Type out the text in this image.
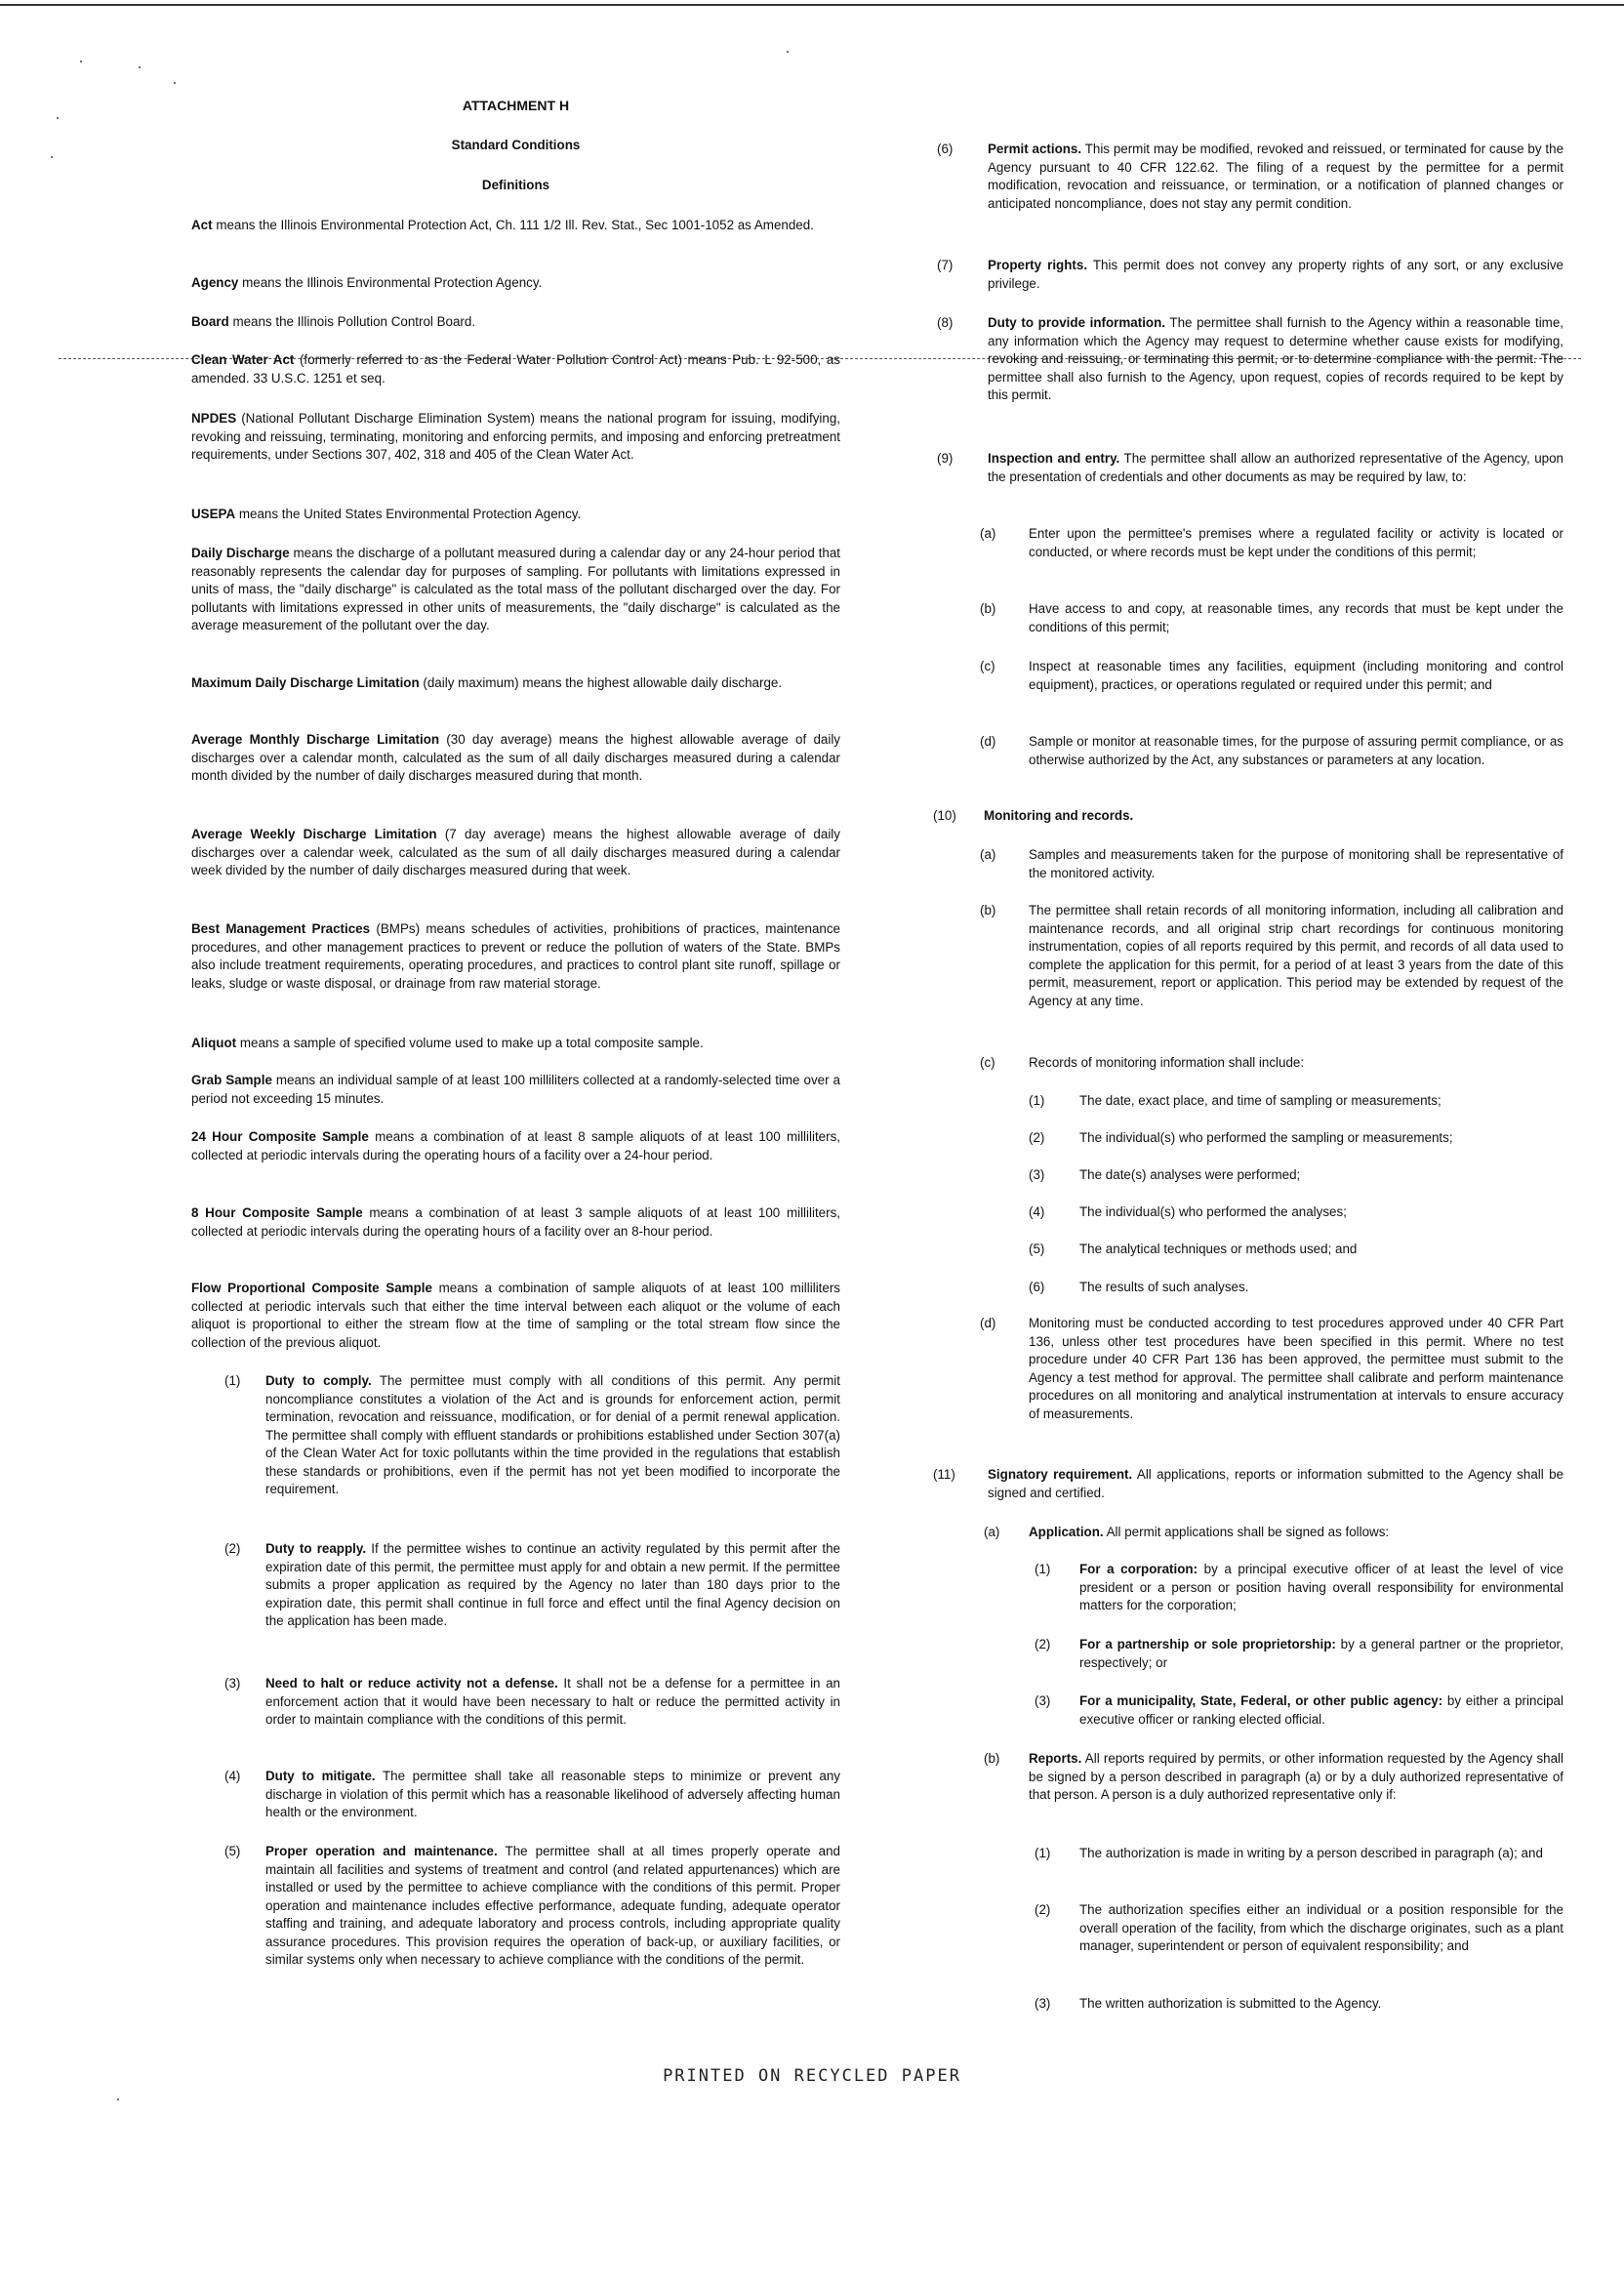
ATTACHMENT H

Standard Conditions

Definitions

Act means the Illinois Environmental Protection Act, Ch. 111 1/2 Ill. Rev. Stat., Sec 1001-1052 as Amended.

Agency means the Illinois Environmental Protection Agency.

Board means the Illinois Pollution Control Board.

Clean Water Act (formerly referred to as the Federal Water Pollution Control Act) means Pub. L 92-500, as amended. 33 U.S.C. 1251 et seq.

NPDES (National Pollutant Discharge Elimination System) means the national program for issuing, modifying, revoking and reissuing, terminating, monitoring and enforcing permits, and imposing and enforcing pretreatment requirements, under Sections 307, 402, 318 and 405 of the Clean Water Act.

USEPA means the United States Environmental Protection Agency.

Daily Discharge means the discharge of a pollutant measured during a calendar day or any 24-hour period that reasonably represents the calendar day for purposes of sampling. For pollutants with limitations expressed in units of mass, the "daily discharge" is calculated as the total mass of the pollutant discharged over the day. For pollutants with limitations expressed in other units of measurements, the "daily discharge" is calculated as the average measurement of the pollutant over the day.

Maximum Daily Discharge Limitation (daily maximum) means the highest allowable daily discharge.

Average Monthly Discharge Limitation (30 day average) means the highest allowable average of daily discharges over a calendar month, calculated as the sum of all daily discharges measured during a calendar month divided by the number of daily discharges measured during that month.

Average Weekly Discharge Limitation (7 day average) means the highest allowable average of daily discharges over a calendar week, calculated as the sum of all daily discharges measured during a calendar week divided by the number of daily discharges measured during that week.

Best Management Practices (BMPs) means schedules of activities, prohibitions of practices, maintenance procedures, and other management practices to prevent or reduce the pollution of waters of the State. BMPs also include treatment requirements, operating procedures, and practices to control plant site runoff, spillage or leaks, sludge or waste disposal, or drainage from raw material storage.

Aliquot means a sample of specified volume used to make up a total composite sample.

Grab Sample means an individual sample of at least 100 milliliters collected at a randomly-selected time over a period not exceeding 15 minutes.

24 Hour Composite Sample means a combination of at least 8 sample aliquots of at least 100 milliliters, collected at periodic intervals during the operating hours of a facility over a 24-hour period.

8 Hour Composite Sample means a combination of at least 3 sample aliquots of at least 100 milliliters, collected at periodic intervals during the operating hours of a facility over an 8-hour period.

Flow Proportional Composite Sample means a combination of sample aliquots of at least 100 milliliters collected at periodic intervals such that either the time interval between each aliquot or the volume of each aliquot is proportional to either the stream flow at the time of sampling or the total stream flow since the collection of the previous aliquot.

(1)	Duty to comply. The permittee must comply with all conditions of this permit. Any permit noncompliance constitutes a violation of the Act and is grounds for enforcement action, permit termination, revocation and reissuance, modification, or for denial of a permit renewal application. The permittee shall comply with effluent standards or prohibitions established under Section 307(a) of the Clean Water Act for toxic pollutants within the time provided in the regulations that establish these standards or prohibitions, even if the permit has not yet been modified to incorporate the requirement.
(2)	Duty to reapply. If the permittee wishes to continue an activity regulated by this permit after the expiration date of this permit, the permittee must apply for and obtain a new permit. If the permittee submits a proper application as required by the Agency no later than 180 days prior to the expiration date, this permit shall continue in full force and effect until the final Agency decision on the application has been made.
(3)	Need to halt or reduce activity not a defense. It shall not be a defense for a permittee in an enforcement action that it would have been necessary to halt or reduce the permitted activity in order to maintain compliance with the conditions of this permit.
(4)	Duty to mitigate. The permittee shall take all reasonable steps to minimize or prevent any discharge in violation of this permit which has a reasonable likelihood of adversely affecting human health or the environment.
(5)	Proper operation and maintenance. The permittee shall at all times properly operate and maintain all facilities and systems of treatment and control (and related appurtenances) which are installed or used by the permittee to achieve compliance with the conditions of this permit. Proper operation and maintenance includes effective performance, adequate funding, adequate operator staffing and training, and adequate laboratory and process controls, including appropriate quality assurance procedures. This provision requires the operation of back-up, or auxiliary facilities, or similar systems only when necessary to achieve compliance with the conditions of the permit.
(6)	Permit actions. This permit may be modified, revoked and reissued, or terminated for cause by the Agency pursuant to 40 CFR 122.62. The filing of a request by the permittee for a permit modification, revocation and reissuance, or termination, or a notification of planned changes or anticipated noncompliance, does not stay any permit condition.
(7)	Property rights. This permit does not convey any property rights of any sort, or any exclusive privilege.
(8)	Duty to provide information. The permittee shall furnish to the Agency within a reasonable time, any information which the Agency may request to determine whether cause exists for modifying, revoking and reissuing, or terminating this permit, or to determine compliance with the permit. The permittee shall also furnish to the Agency, upon request, copies of records required to be kept by this permit.
(9)	Inspection and entry. The permittee shall allow an authorized representative of the Agency, upon the presentation of credentials and other documents as may be required by law, to:
(a)	Enter upon the permittee's premises where a regulated facility or activity is located or conducted, or where records must be kept under the conditions of this permit;
(b)	Have access to and copy, at reasonable times, any records that must be kept under the conditions of this permit;
(c)	Inspect at reasonable times any facilities, equipment (including monitoring and control equipment), practices, or operations regulated or required under this permit; and
(d)	Sample or monitor at reasonable times, for the purpose of assuring permit compliance, or as otherwise authorized by the Act, any substances or parameters at any location.
(10)	Monitoring and records.
(a)	Samples and measurements taken for the purpose of monitoring shall be representative of the monitored activity.
(b)	The permittee shall retain records of all monitoring information, including all calibration and maintenance records, and all original strip chart recordings for continuous monitoring instrumentation, copies of all reports required by this permit, and records of all data used to complete the application for this permit, for a period of at least 3 years from the date of this permit, measurement, report or application. This period may be extended by request of the Agency at any time.
(c)	Records of monitoring information shall include:
(1)	The date, exact place, and time of sampling or measurements;
(2)	The individual(s) who performed the sampling or measurements;
(3)	The date(s) analyses were performed;
(4)	The individual(s) who performed the analyses;
(5)	The analytical techniques or methods used; and
(6)	The results of such analyses.
(d)	Monitoring must be conducted according to test procedures approved under 40 CFR Part 136, unless other test procedures have been specified in this permit. Where no test procedure under 40 CFR Part 136 has been approved, the permittee must submit to the Agency a test method for approval. The permittee shall calibrate and perform maintenance procedures on all monitoring and analytical instrumentation at intervals to ensure accuracy of measurements.
(11)	Signatory requirement. All applications, reports or information submitted to the Agency shall be signed and certified.
(a)	Application. All permit applications shall be signed as follows:
(1)	For a corporation: by a principal executive officer of at least the level of vice president or a person or position having overall responsibility for environmental matters for the corporation;
(2)	For a partnership or sole proprietorship: by a general partner or the proprietor, respectively; or
(3)	For a municipality, State, Federal, or other public agency: by either a principal executive officer or ranking elected official.
(b)	Reports. All reports required by permits, or other information requested by the Agency shall be signed by a person described in paragraph (a) or by a duly authorized representative of that person. A person is a duly authorized representative only if:
(1)	The authorization is made in writing by a person described in paragraph (a); and
(2)	The authorization specifies either an individual or a position responsible for the overall operation of the facility, from which the discharge originates, such as a plant manager, superintendent or person of equivalent responsibility; and
(3)	The written authorization is submitted to the Agency.
PRINTED ON RECYCLED PAPER
